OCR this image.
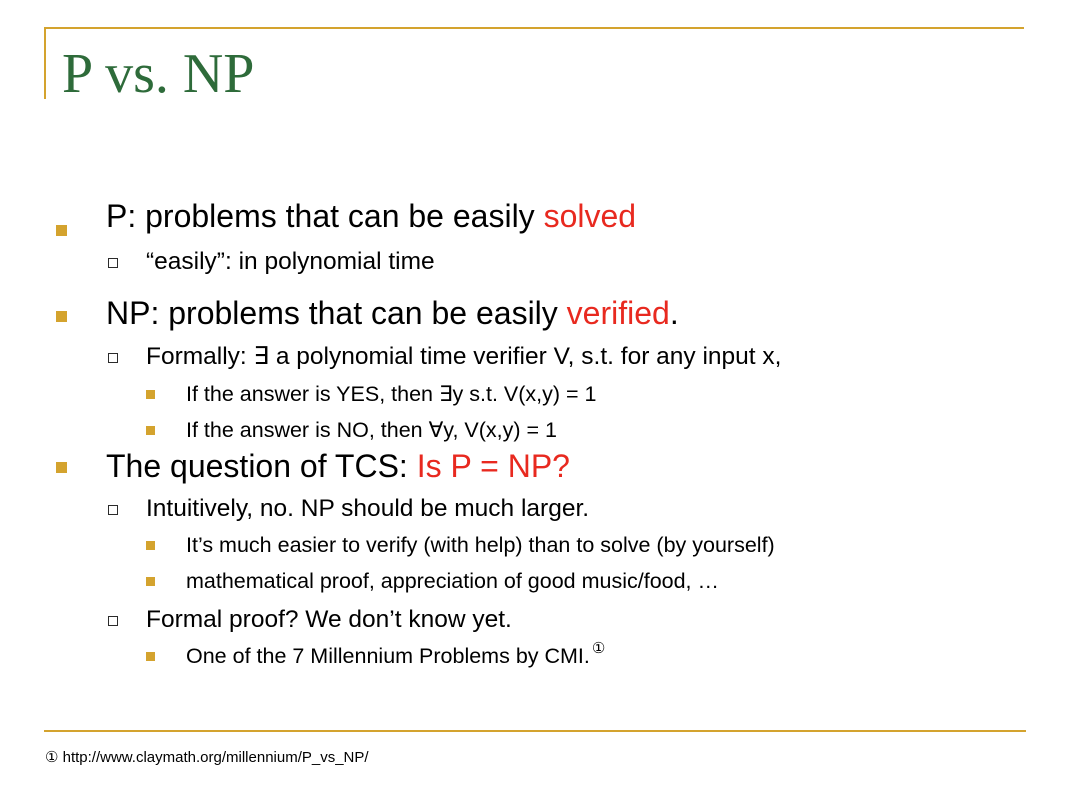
P vs. NP
P: problems that can be easily solved
“easily”: in polynomial time
NP: problems that can be easily verified.
Formally: ∃ a polynomial time verifier V, s.t. for any input x,
If the answer is YES, then ∃y s.t. V(x,y) = 1
If the answer is NO, then ∀y, V(x,y) = 1
The question of TCS: Is P = NP?
Intuitively, no. NP should be much larger.
It’s much easier to verify (with help) than to solve (by yourself)
mathematical proof, appreciation of good music/food, …
Formal proof? We don’t know yet.
One of the 7 Millennium Problems by CMI. ①
① http://www.claymath.org/millennium/P_vs_NP/
